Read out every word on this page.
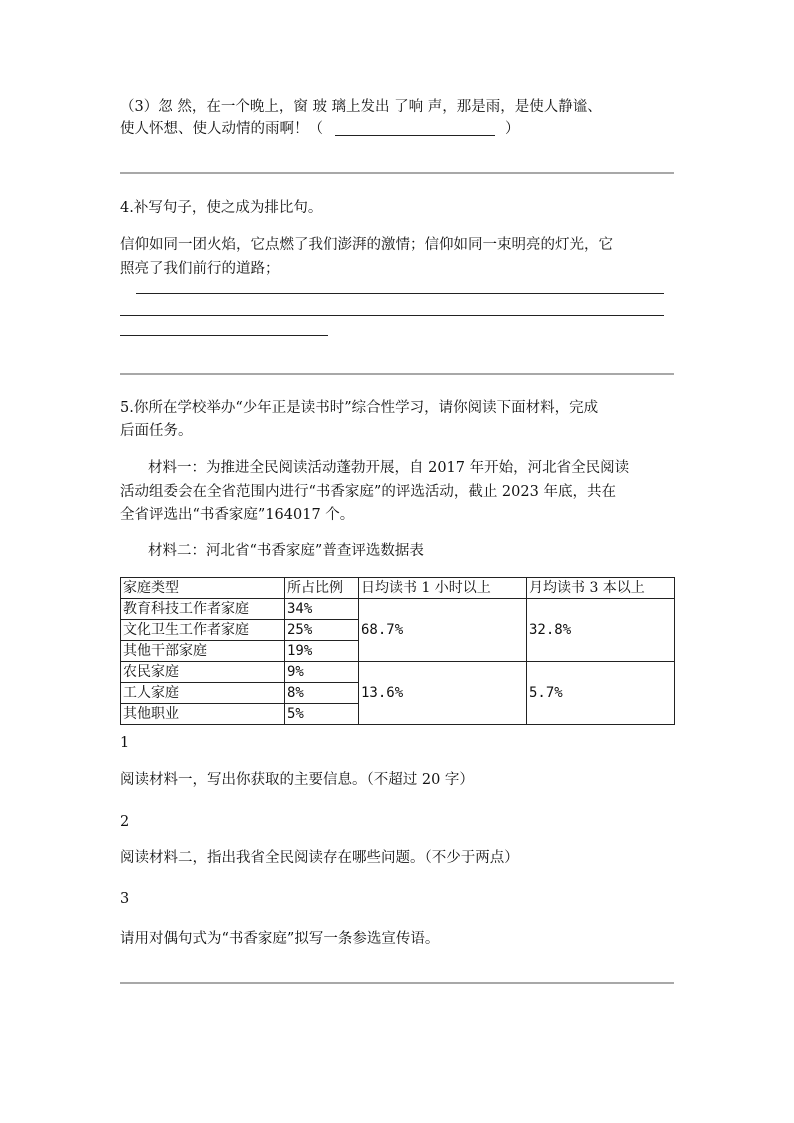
（3）忽 然，在一个晚上，窗 玻 璃上发出 了响 声，那是雨，是使人静谧、

使人怀想、使人动情的雨啊！（	）

4.补写句子，使之成为排比句。

信仰如同一团火焰，它点燃了我们澎湃的激情；信仰如同一束明亮的灯光，它

照亮了我们前行的道路；

5.你所在学校举办“少年正是读书时”综合性学习，请你阅读下面材料，完成

后面任务。

材料一：为推进全民阅读活动蓬勃开展，自 2017 年开始，河北省全民阅读

活动组委会在全省范围内进行“书香家庭”的评选活动，截止 2023 年底，共在

全省评选出“书香家庭”164017 个。

材料二：河北省“书香家庭”普查评选数据表

家庭类型	所占比例	日均读书 1 小时以上	月均读书 3 本以上
教育科技工作者家庭	34%	68.7%	32.8%
文化卫生工作者家庭	25%		
其他干部家庭	19%		
农民家庭	9%	13.6%	5.7%
工人家庭	8%		
其他职业	5%		

1

阅读材料一，写出你获取的主要信息。（不超过 20 字）

2

阅读材料二，指出我省全民阅读存在哪些问题。（不少于两点）

3

请用对偶句式为“书香家庭”拟写一条参选宣传语。
